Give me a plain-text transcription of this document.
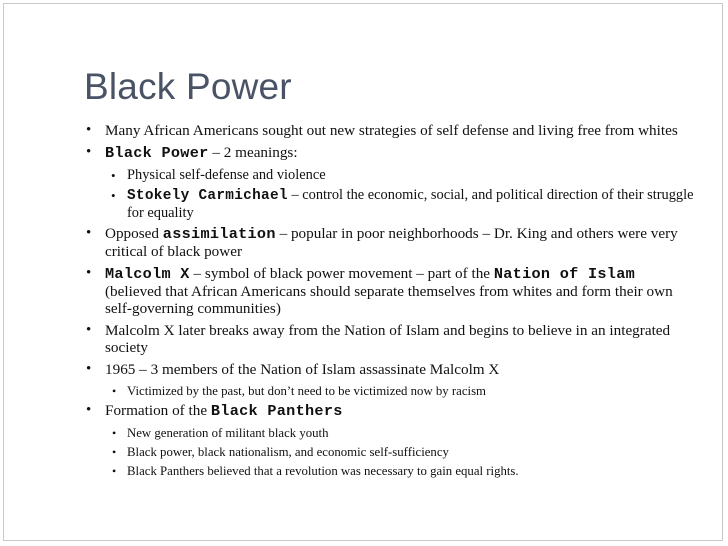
Black Power
• Many African Americans sought out new strategies of self defense and living free from whites
• Black Power – 2 meanings:
• Physical self-defense and violence
• Stokely Carmichael – control the economic, social, and political direction of their struggle for equality
• Opposed assimilation – popular in poor neighborhoods – Dr. King and others were very critical of black power
• Malcolm X – symbol of black power movement – part of the Nation of Islam (believed that African Americans should separate themselves from whites and form their own self-governing communities)
• Malcolm X later breaks away from the Nation of Islam and begins to believe in an integrated society
• 1965 – 3 members of the Nation of Islam assassinate Malcolm X
• Victimized by the past, but don’t need to be victimized now by racism
• Formation of the Black Panthers
• New generation of militant black youth
• Black power, black nationalism, and economic self-sufficiency
• Black Panthers believed that a revolution was necessary to gain equal rights.
